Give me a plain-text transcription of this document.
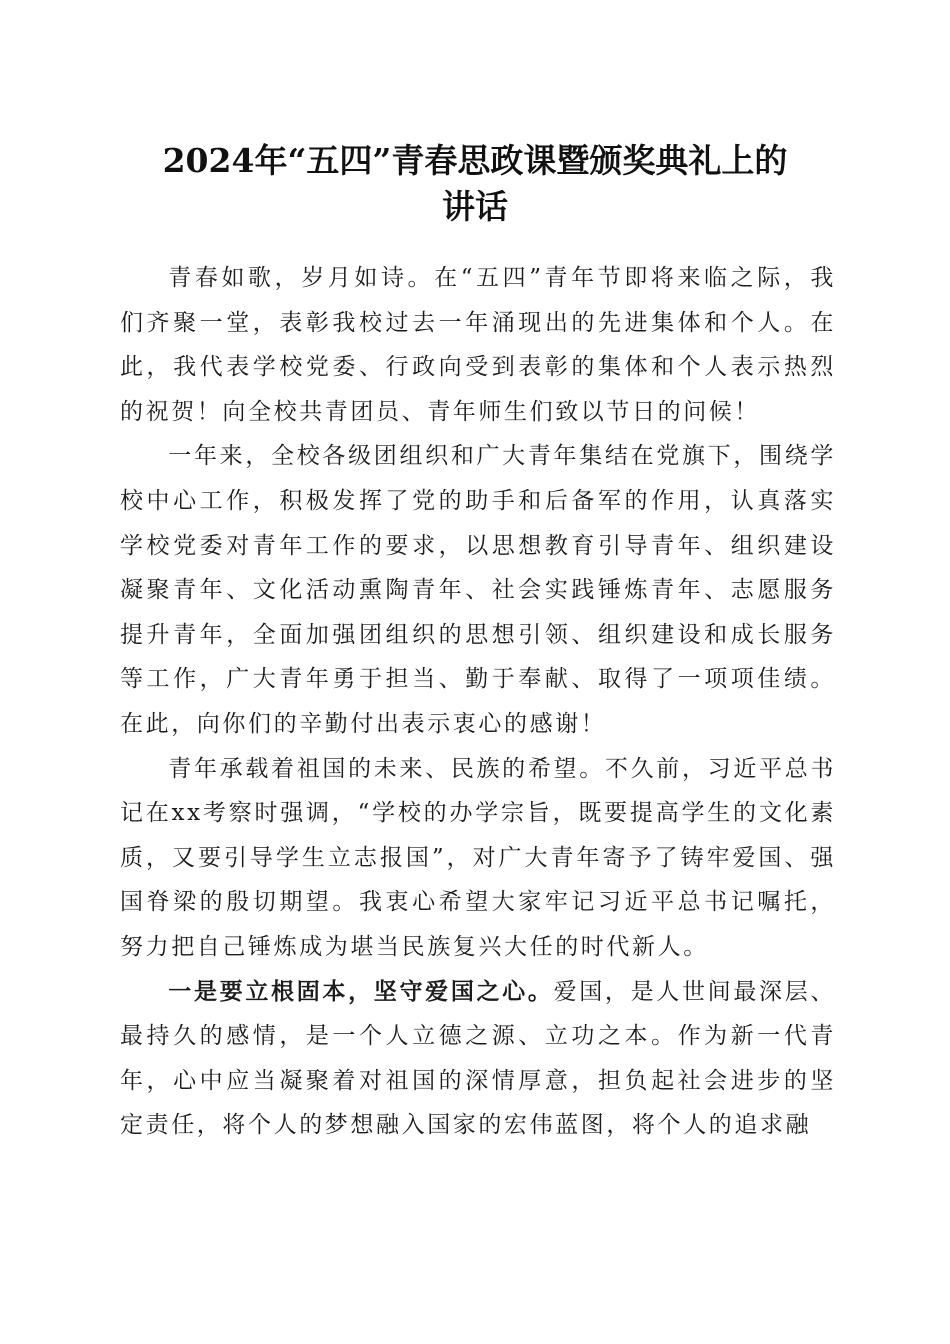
2024年“五四”青春思政课暨颁奖典礼上的
讲话

青春如歌，岁月如诗。在“五四”青年节即将来临之际，我们齐聚一堂，表彰我校过去一年涌现出的先进集体和个人。在此，我代表学校党委、行政向受到表彰的集体和个人表示热烈的祝贺！向全校共青团员、青年师生们致以节日的问候！

一年来，全校各级团组织和广大青年集结在党旗下，围绕学校中心工作，积极发挥了党的助手和后备军的作用，认真落实学校党委对青年工作的要求，以思想教育引导青年、组织建设凝聚青年、文化活动熏陶青年、社会实践锤炼青年、志愿服务提升青年，全面加强团组织的思想引领、组织建设和成长服务等工作，广大青年勇于担当、勤于奉献、取得了一项项佳绩。在此，向你们的辛勤付出表示衷心的感谢！

青年承载着祖国的未来、民族的希望。不久前，习近平总书记在xx考察时强调，“学校的办学宗旨，既要提高学生的文化素质，又要引导学生立志报国”，对广大青年寄予了铸牢爱国、强国脊梁的殷切期望。我衷心希望大家牢记习近平总书记嘱托，努力把自己锤炼成为堪当民族复兴大任的时代新人。

一是要立根固本，坚守爱国之心。爱国，是人世间最深层、最持久的感情，是一个人立德之源、立功之本。作为新一代青年，心中应当凝聚着对祖国的深情厚意，担负起社会进步的坚定责任，将个人的梦想融入国家的宏伟蓝图，将个人的追求融
